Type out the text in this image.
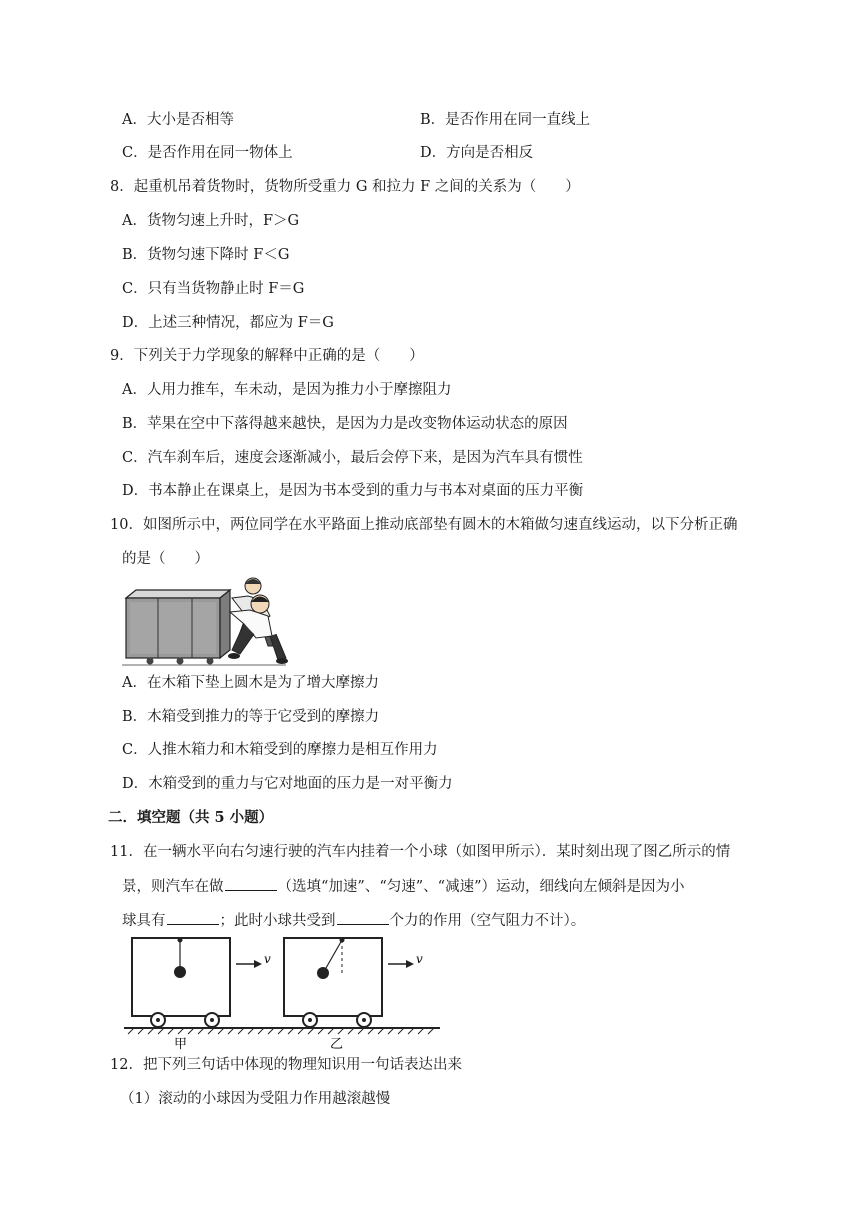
A．大小是否相等	B．是否作用在同一直线上
C．是否作用在同一物体上	D．方向是否相反
8．起重机吊着货物时，货物所受重力 G 和拉力 F 之间的关系为（　　）
A．货物匀速上升时，F＞G
B．货物匀速下降时 F＜G
C．只有当货物静止时 F＝G
D．上述三种情况，都应为 F＝G
9．下列关于力学现象的解释中正确的是（　　）
A．人用力推车，车未动，是因为推力小于摩擦阻力
B．苹果在空中下落得越来越快，是因为力是改变物体运动状态的原因
C．汽车刹车后，速度会逐渐减小，最后会停下来，是因为汽车具有惯性
D．书本静止在课桌上，是因为书本受到的重力与书本对桌面的压力平衡
10．如图所示中，两位同学在水平路面上推动底部垫有圆木的木箱做匀速直线运动，以下分析正确
的是（　　）
A．在木箱下垫上圆木是为了增大摩擦力
B．木箱受到推力的等于它受到的摩擦力
C．人推木箱力和木箱受到的摩擦力是相互作用力
D．木箱受到的重力与它对地面的压力是一对平衡力
二．填空题（共 5 小题）
11．在一辆水平向右匀速行驶的汽车内挂着一个小球（如图甲所示）．某时刻出现了图乙所示的情
景，则汽车在做	（选填“加速”、“匀速”、“减速”）运动，细线向左倾斜是因为小
球具有	；此时小球共受到	个力的作用（空气阻力不计）。
v	v
甲	乙
12．把下列三句话中体现的物理知识用一句话表达出来
（1）滚动的小球因为受阻力作用越滚越慢
